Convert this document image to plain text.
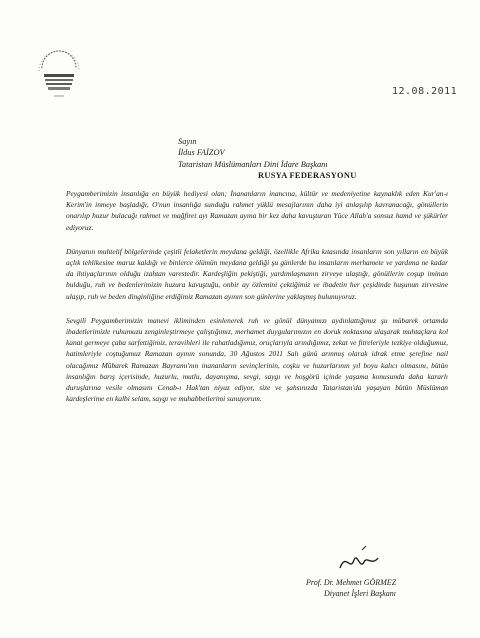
12.08.2011
Sayın
İldus FAİZOV
Tataristan Müslümanları Dini İdare Başkanı
RUSYA FEDERASYONU

Peygamberimizin insanlığa en büyük hediyesi olan; İnananların inancına, kültür ve medeniyetine kaynaklık eden Kur'an-ı Kerim'in inmeye başladığı, O'nun insanlığa sunduğu rahmet yüklü mesajlarının daha iyi anlaşılıp kavranacağı, gönüllerin onarılıp huzur bulacağı rahmet ve mağfiret ayı Ramazan ayına bir kez daha kavuşturan Yüce Allah'a sonsuz hamd ve şükürler ediyoruz.

Dünyanın muhtelif bölgelerinde çeşitli felaketlerin meydana geldiği, özellikle Afrika kıtasında insanların son yılların en büyük açlık tehlikesine maruz kaldığı ve binlerce ölümün meydana geldiği şu günlerde bu insanların merhamete ve yardıma ne kadar da ihtiyaçlarının olduğu izahtan varestedir. Kardeşliğin pekiştiği, yardımlaşmanın zirveye ulaştığı, gönüllerin coşup iminan bulduğu, ruh ve bedenlerimizin huzura kavuştuğu, onbir ay özlemini çektiğimiz ve ibadetin her çeşidinde huşunun zirvesine ulaşıp, ruh ve beden dinginliğine erdiğimiz Ramazan ayının son günlerine yaklaşmış bulunuyoruz.

Sevgili Peygamberimizin manevi ikliminden esinlenerek ruh ve gönül dünyamızı aydınlattığımız şu mübarek ortamda ibadetlerimizle ruhumuzu zenginleştirmeye çalıştığımız, merhamet duygularımızın en doruk noktasına ulaşarak muhtaçlara kol kanat germeye çaba sarfettiğimiz, teravihleri ile rahatladığımız, oruçlarıyla arındığımız, zekat ve fitreleriyle tezkiye olduğumuz, hatimleriyle coştuğumuz Ramazan ayının sonunda, 30 Ağustos 2011 Salı günü arınmış olarak idrak etme şerefine nail olacağımız Mübarek Ramazan Bayramı'nın inananların sevinçlerinin, coşku ve huzurlarının yıl boyu kalıcı olmasını, bütün insanlığın barış içerisinde, huzurlu, mutlu, dayanışma, sevgi, saygı ve hoşgörü içinde yaşama konusunda daha kararlı duruşlarına vesile olmasını Cenab-ı Hak'tan niyaz ediyor, size ve şahsınızda Tataristan'da yaşayan bütün Müslüman kardeşlerime en kalbi selam, saygı ve muhabbetlerimi sunuyorum.

Prof. Dr. Mehmet GÖRMEZ
Diyanet İşleri Başkanı
